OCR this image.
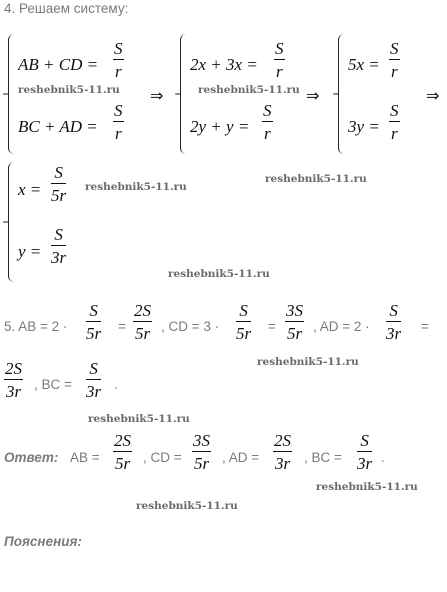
4. Решаем систему:
AB + CD = $\frac{S}{r}$
BC + AD = $\frac{S}{r}$
⇒
$2x + 3x = \frac{S}{r}$
$2y + y = \frac{S}{r}$
⇒
$5x = \frac{S}{r}$
$3y = \frac{S}{r}$
⇒
$x = \frac{S}{5r}$
$y = \frac{S}{3r}$
5. AB = $2 \cdot \frac{S}{5r} = \frac{2S}{5r}$ , CD = $3 \cdot \frac{S}{5r} = \frac{3S}{5r}$ , AD = $2 \cdot \frac{S}{3r}$ =
$\frac{2S}{3r}$ , BC = $\frac{S}{3r}$ .
Ответ: AB = $\frac{2S}{5r}$ , CD = $\frac{3S}{5r}$ , AD = $\frac{2S}{3r}$ , BC = $\frac{S}{3r}$ .
Пояснения:
reshebnik5-11.ru	reshebnik5-11.ru
reshebnik5-11.ru
reshebnik5-11.ru
reshebnik5-11.ru
reshebnik5-11.ru
reshebnik5-11.ru
reshebnik5-11.ru
reshebnik5-11.ru
